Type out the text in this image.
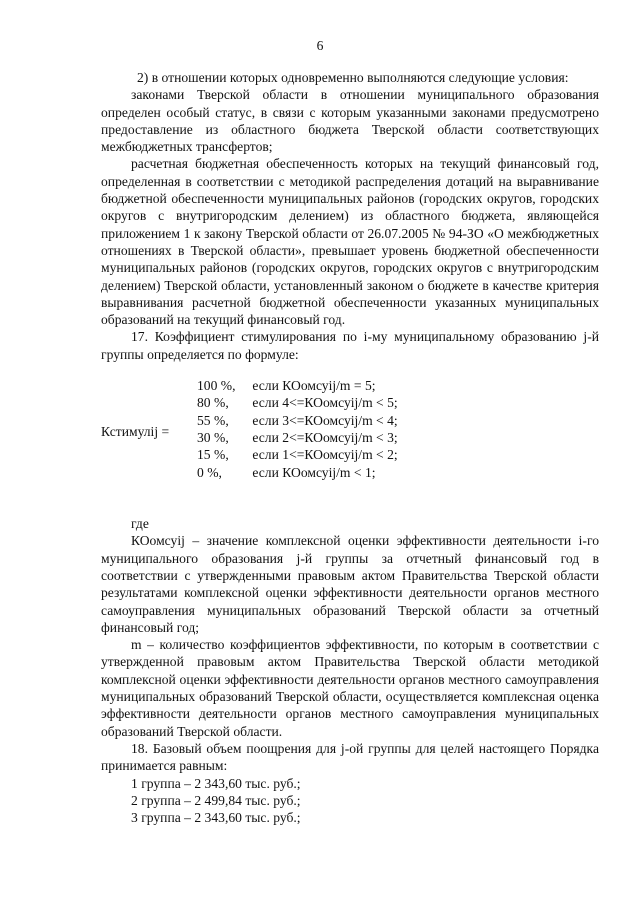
6

2) в отношении которых одновременно выполняются следующие условия:

законами Тверской области в отношении муниципального образования определен особый статус, в связи с которым указанными законами предусмотрено предоставление из областного бюджета Тверской области соответствующих межбюджетных трансфертов;

расчетная бюджетная обеспеченность которых на текущий финансовый год, определенная в соответствии с методикой распределения дотаций на выравнивание бюджетной обеспеченности муниципальных районов (городских округов, городских округов с внутригородским делением) из областного бюджета, являющейся приложением 1 к закону Тверской области от 26.07.2005 № 94-ЗО «О межбюджетных отношениях в Тверской области», превышает уровень бюджетной обеспеченности муниципальных районов (городских округов, городских округов с внутригородским делением) Тверской области, установленный законом о бюджете в качестве критерия выравнивания расчетной бюджетной обеспеченности указанных муниципальных образований на текущий финансовый год.

17. Коэффициент стимулирования по i-му муниципальному образованию j-й группы определяется по формуле:

Кстимулij =
100 %, если КОомсуij/m = 5;
80 %, если 4<=КОомсуij/m < 5;
55 %, если 3<=КОомсуij/m < 4;
30 %, если 2<=КОомсуij/m < 3;
15 %, если 1<=КОомсуij/m < 2;
0 %, если КОомсуij/m < 1;

где

КОомсуij – значение комплексной оценки эффективности деятельности i-го муниципального образования j-й группы за отчетный финансовый год в соответствии с утвержденными правовым актом Правительства Тверской области результатами комплексной оценки эффективности деятельности органов местного самоуправления муниципальных образований Тверской области за отчетный финансовый год;

m – количество коэффициентов эффективности, по которым в соответствии с утвержденной правовым актом Правительства Тверской области методикой комплексной оценки эффективности деятельности органов местного самоуправления муниципальных образований Тверской области, осуществляется комплексная оценка эффективности деятельности органов местного самоуправления муниципальных образований Тверской области.

18. Базовый объем поощрения для j-ой группы для целей настоящего Порядка принимается равным:

1 группа – 2 343,60 тыс. руб.;

2 группа – 2 499,84 тыс. руб.;

3 группа – 2 343,60 тыс. руб.;
